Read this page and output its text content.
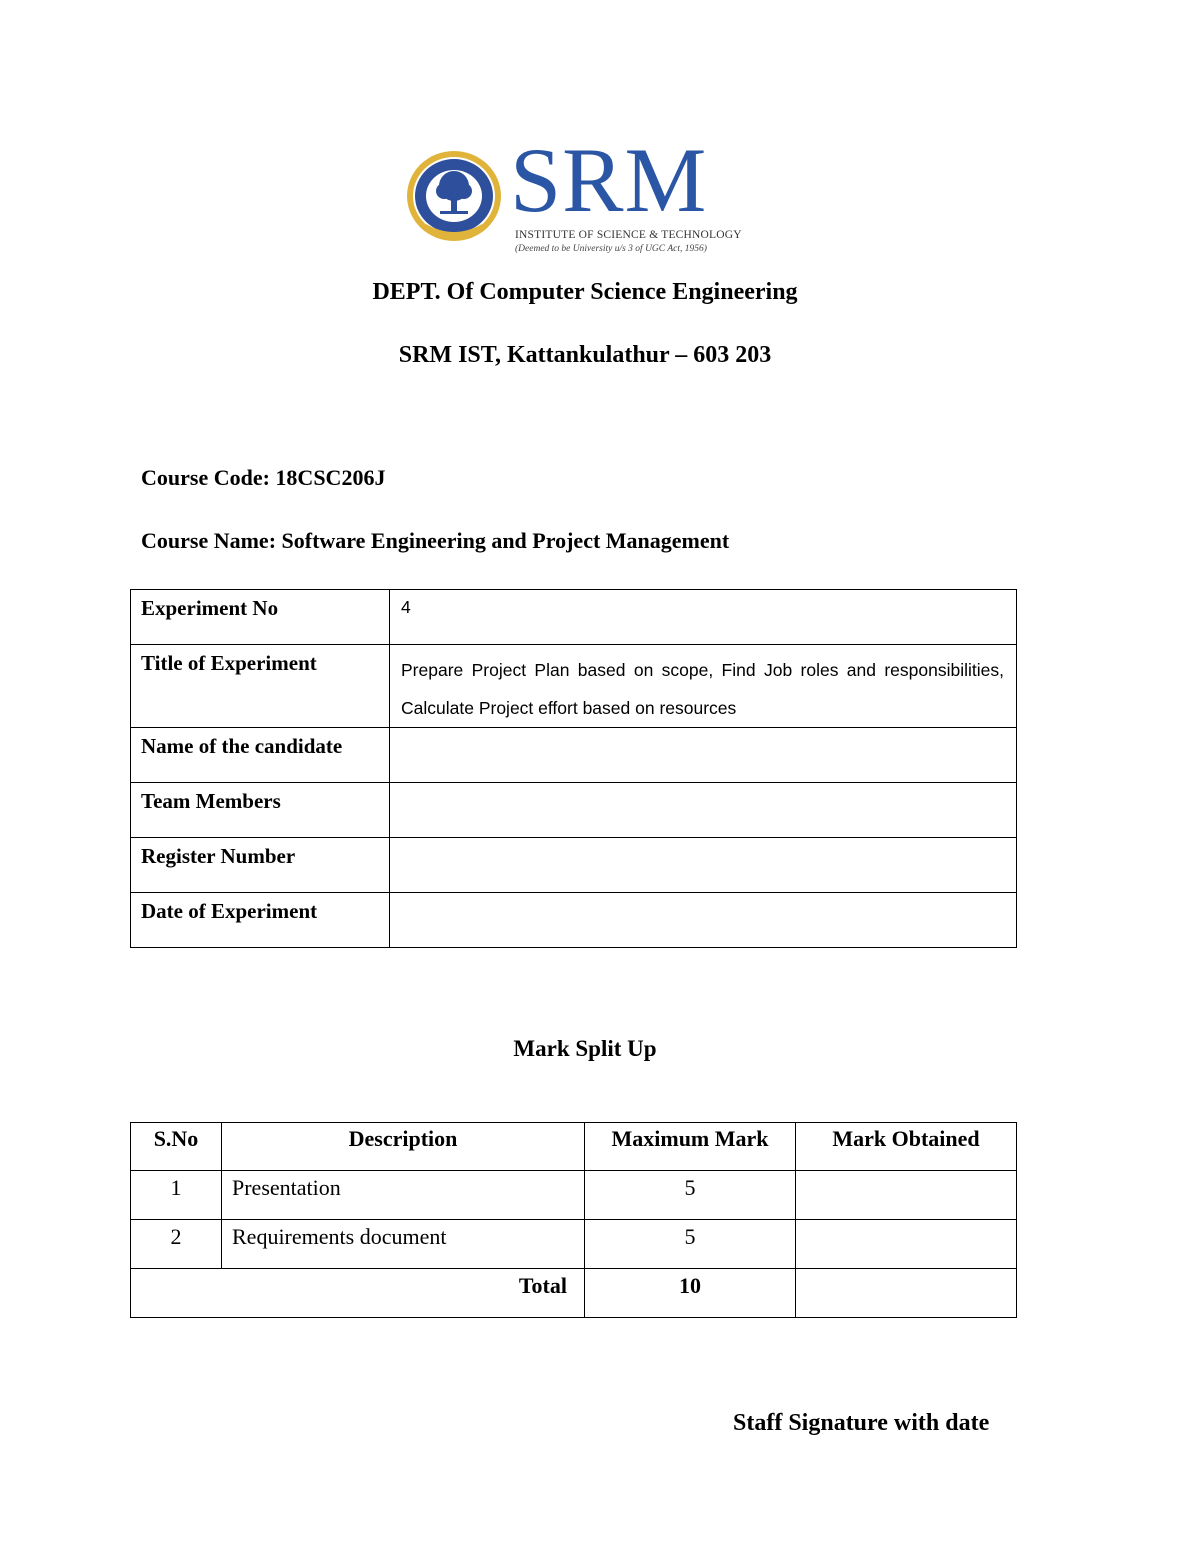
SRM
INSTITUTE OF SCIENCE & TECHNOLOGY
(Deemed to be University u/s 3 of UGC Act, 1956)
DEPT. Of Computer Science Engineering
SRM IST, Kattankulathur – 603 203
Course Code: 18CSC206J
Course Name: Software Engineering and Project Management
Experiment No	4
Title of Experiment	Prepare Project Plan based on scope, Find Job roles and responsibilities, Calculate Project effort based on resources
Name of the candidate	
Team Members	
Register Number	
Date of Experiment	
Mark Split Up
S.No	Description	Maximum Mark	Mark Obtained
1	Presentation	5	
2	Requirements document	5	
Total		10	
Staff Signature with date
